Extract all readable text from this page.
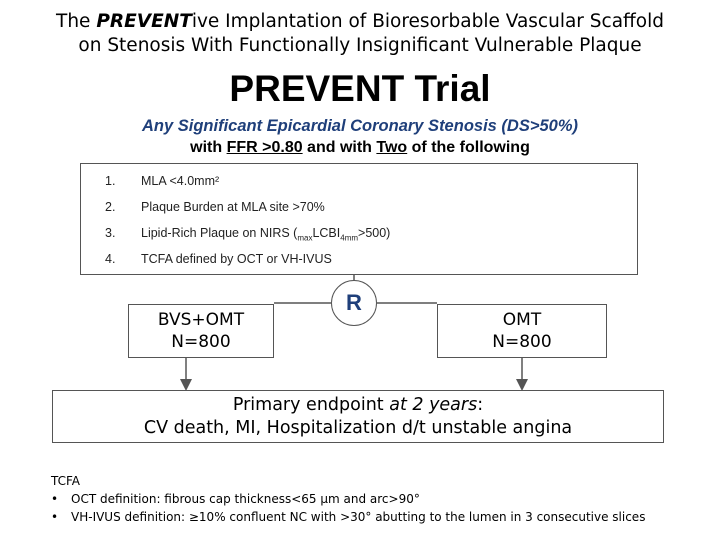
The PREVENTive Implantation of Bioresorbable Vascular Scaffold
on Stenosis With Functionally Insignificant Vulnerable Plaque
PREVENT Trial
Any Significant Epicardial Coronary Stenosis (DS>50%)
with FFR >0.80 and with Two of the following
1. MLA <4.0mm²
2. Plaque Burden at MLA site >70%
3. Lipid-Rich Plaque on NIRS $(_{max}LCBI_{4mm}>500)$
4. TCFA defined by OCT or VH-IVUS
R
BVS+OMT
N=800
OMT
N=800
Primary endpoint at 2 years:
CV death, MI, Hospitalization d/t unstable angina
TCFA
• OCT definition: fibrous cap thickness<65 µm and arc>90°
• VH-IVUS definition: ≥10% confluent NC with >30° abutting to the lumen in 3 consecutive slices
